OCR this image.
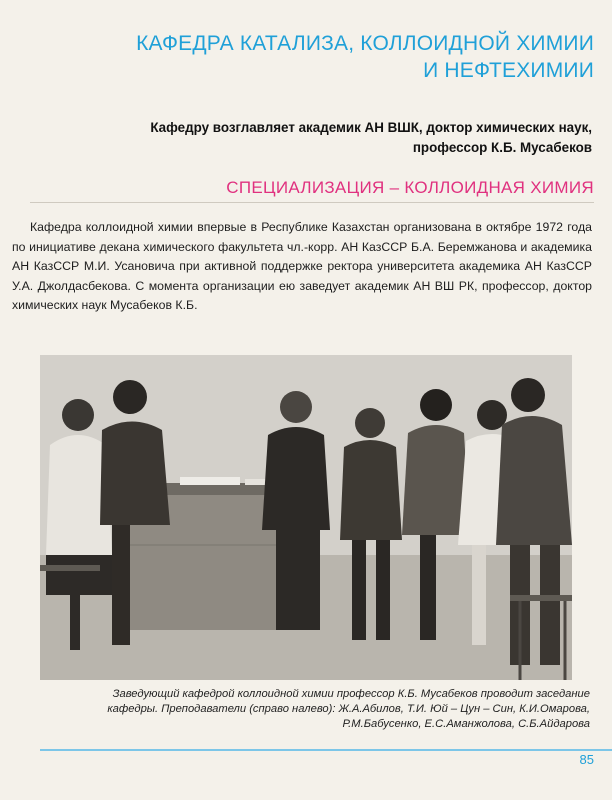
КАФЕДРА КАТАЛИЗА, КОЛЛОИДНОЙ ХИМИИ
И НЕФТЕХИМИИ
Кафедру возглавляет академик АН ВШК, доктор химических наук,
профессор К.Б. Мусабеков
СПЕЦИАЛИЗАЦИЯ – КОЛЛОИДНАЯ ХИМИЯ

Кафедра коллоидной химии впервые в Республике Казахстан организована в октябре 1972 года по инициативе декана химического факультета чл.-корр. АН КазССР Б.А. Беремжанова и академика АН КазССР М.И. Усановича при активной поддержке ректора университета академика АН КазССР У.А. Джолдасбекова. С момента организации ею заведует академик АН ВШ РК, профессор, доктор химических наук Мусабеков К.Б.

Заведующий кафедрой коллоидной химии профессор К.Б. Мусабеков проводит заседание
кафедры. Преподаватели (справо налево): Ж.А.Абилов, Т.И. Юй – Цун – Син, К.И.Омарова,
Р.М.Бабусенко, Е.С.Аманжолова, С.Б.Айдарова
85
